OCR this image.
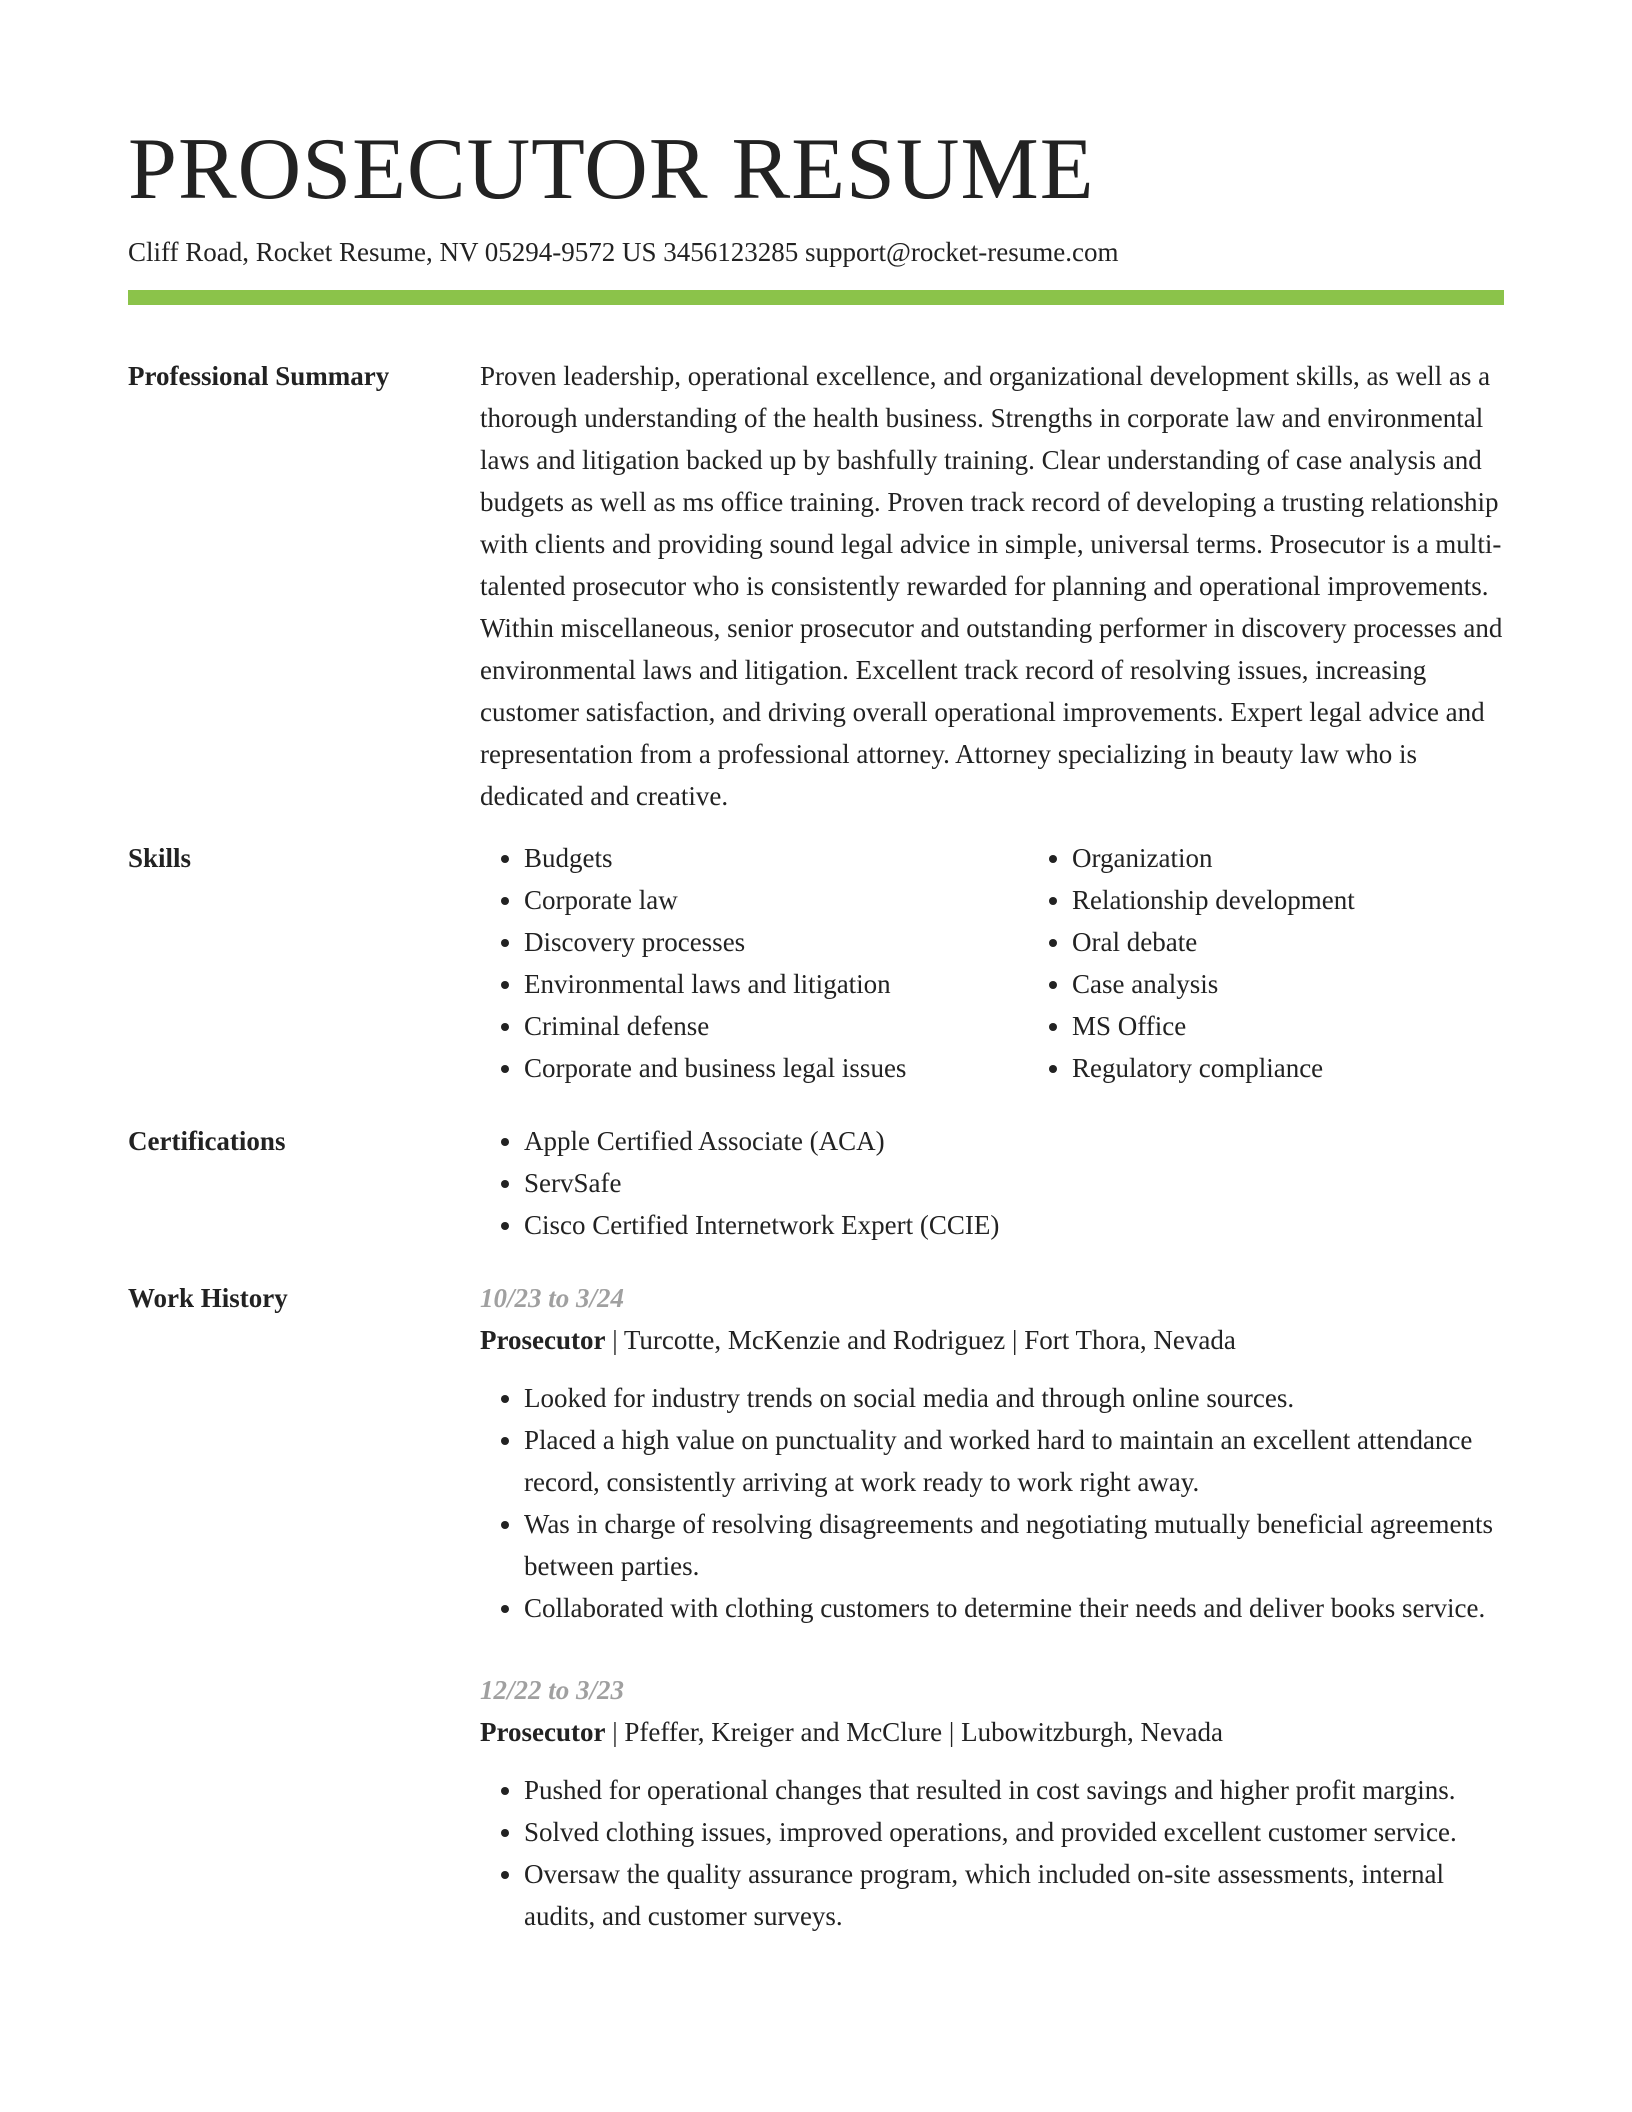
PROSECUTOR RESUME
Cliff Road, Rocket Resume, NV 05294-9572 US 3456123285 support@rocket-resume.com
Professional Summary	Proven leadership, operational excellence, and organizational development skills, as well as a thorough understanding of the health business. Strengths in corporate law and environmental laws and litigation backed up by bashfully training. Clear understanding of case analysis and budgets as well as ms office training. Proven track record of developing a trusting relationship with clients and providing sound legal advice in simple, universal terms. Prosecutor is a multi-talented prosecutor who is consistently rewarded for planning and operational improvements. Within miscellaneous, senior prosecutor and outstanding performer in discovery processes and environmental laws and litigation. Excellent track record of resolving issues, increasing customer satisfaction, and driving overall operational improvements. Expert legal advice and representation from a professional attorney. Attorney specializing in beauty law who is dedicated and creative.

Skills	• Budgets
• Corporate law
• Discovery processes
• Environmental laws and litigation
• Criminal defense
• Corporate and business legal issues
• Organization
• Relationship development
• Oral debate
• Case analysis
• MS Office
• Regulatory compliance
Certifications	• Apple Certified Associate (ACA)
• ServSafe
• Cisco Certified Internetwork Expert (CCIE)
Work History	10/23 to 3/24
Prosecutor | Turcotte, McKenzie and Rodriguez | Fort Thora, Nevada
• Looked for industry trends on social media and through online sources.
• Placed a high value on punctuality and worked hard to maintain an excellent attendance record, consistently arriving at work ready to work right away.
• Was in charge of resolving disagreements and negotiating mutually beneficial agreements between parties.
• Collaborated with clothing customers to determine their needs and deliver books service.
12/22 to 3/23
Prosecutor | Pfeffer, Kreiger and McClure | Lubowitzburgh, Nevada
• Pushed for operational changes that resulted in cost savings and higher profit margins.
• Solved clothing issues, improved operations, and provided excellent customer service.
• Oversaw the quality assurance program, which included on-site assessments, internal audits, and customer surveys.
